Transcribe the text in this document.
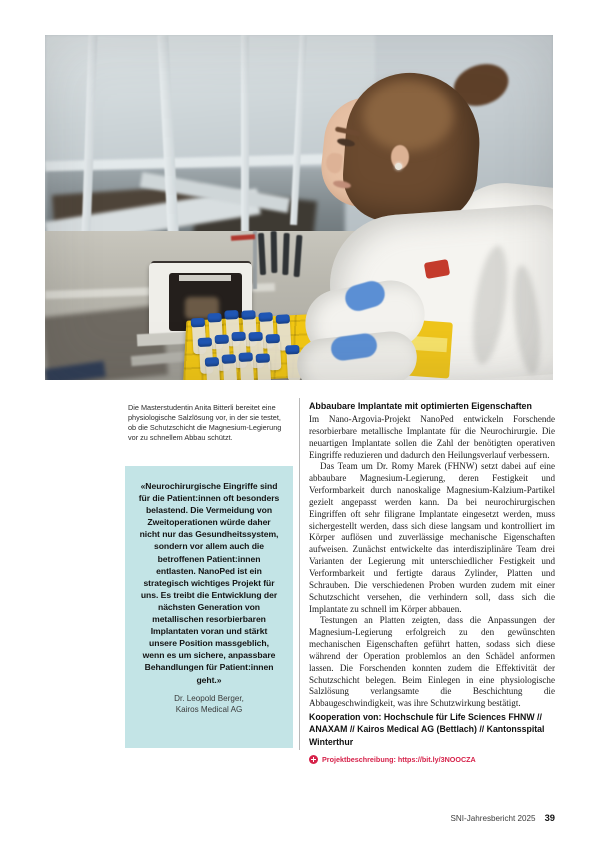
Die Masterstudentin Anita Bitterli bereitet eine physiologische Salzlösung vor, in der sie testet, ob die Schutzschicht die Magnesium-Legierung vor zu schnellem Abbau schützt.
«Neurochirurgische Eingriffe sind für die Patient:innen oft besonders belastend. Die Vermeidung von Zweitoperationen würde daher nicht nur das Gesundheitssystem, sondern vor allem auch die betroffenen Patient:innen entlasten. NanoPed ist ein strategisch wichtiges Projekt für uns. Es treibt die Entwicklung der nächsten Generation von metallischen resorbierbaren Implantaten voran und stärkt unsere Position massgeblich, wenn es um sichere, anpassbare Behandlungen für Patient:innen geht.»
Dr. Leopold Berger,
Kairos Medical AG
Abbaubare Implantate mit optimierten Eigenschaften

Im Nano-Argovia-Projekt NanoPed entwickeln Forschende resorbierbare metallische Implantate für die Neurochirurgie. Die neuartigen Implantate sollen die Zahl der benötigten operativen Eingriffe reduzieren und dadurch den Heilungsverlauf verbessern.

Das Team um Dr. Romy Marek (FHNW) setzt dabei auf eine abbaubare Magnesium-Legierung, deren Festigkeit und Verformbarkeit durch nanoskalige Magnesium-Kalzium-Partikel gezielt angepasst werden kann. Da bei neurochirurgischen Eingriffen oft sehr filigrane Implantate eingesetzt werden, muss sichergestellt werden, dass sich diese langsam und kontrolliert im Körper auflösen und zuverlässige mechanische Eigenschaften aufweisen. Zunächst entwickelte das interdisziplinäre Team drei Varianten der Legierung mit unterschiedlicher Festigkeit und Verformbarkeit und fertigte daraus Zylinder, Platten und Schrauben. Die verschiedenen Proben wurden zudem mit einer Schutzschicht versehen, die verhindern soll, dass sich die Implantate zu schnell im Körper abbauen.

Testungen an Platten zeigten, dass die Anpassungen der Magnesium-Legierung erfolgreich zu den gewünschten mechanischen Eigenschaften geführt hatten, sodass sich diese während der Operation problemlos an den Schädel anformen lassen. Die Forschenden konnten zudem die Effektivität der Schutzschicht belegen. Beim Einlegen in eine physiologische Salzlösung verlangsamte die Beschichtung die Abbaugeschwindigkeit, was ihre Schutzwirkung bestätigt.

Kooperation von: Hochschule für Life Sciences FHNW // ANAXAM // Kairos Medical AG (Bettlach) // Kantonsspital Winterthur
Projektbeschreibung: https://bit.ly/3NOOCZA
SNI-Jahresbericht 2025 39
